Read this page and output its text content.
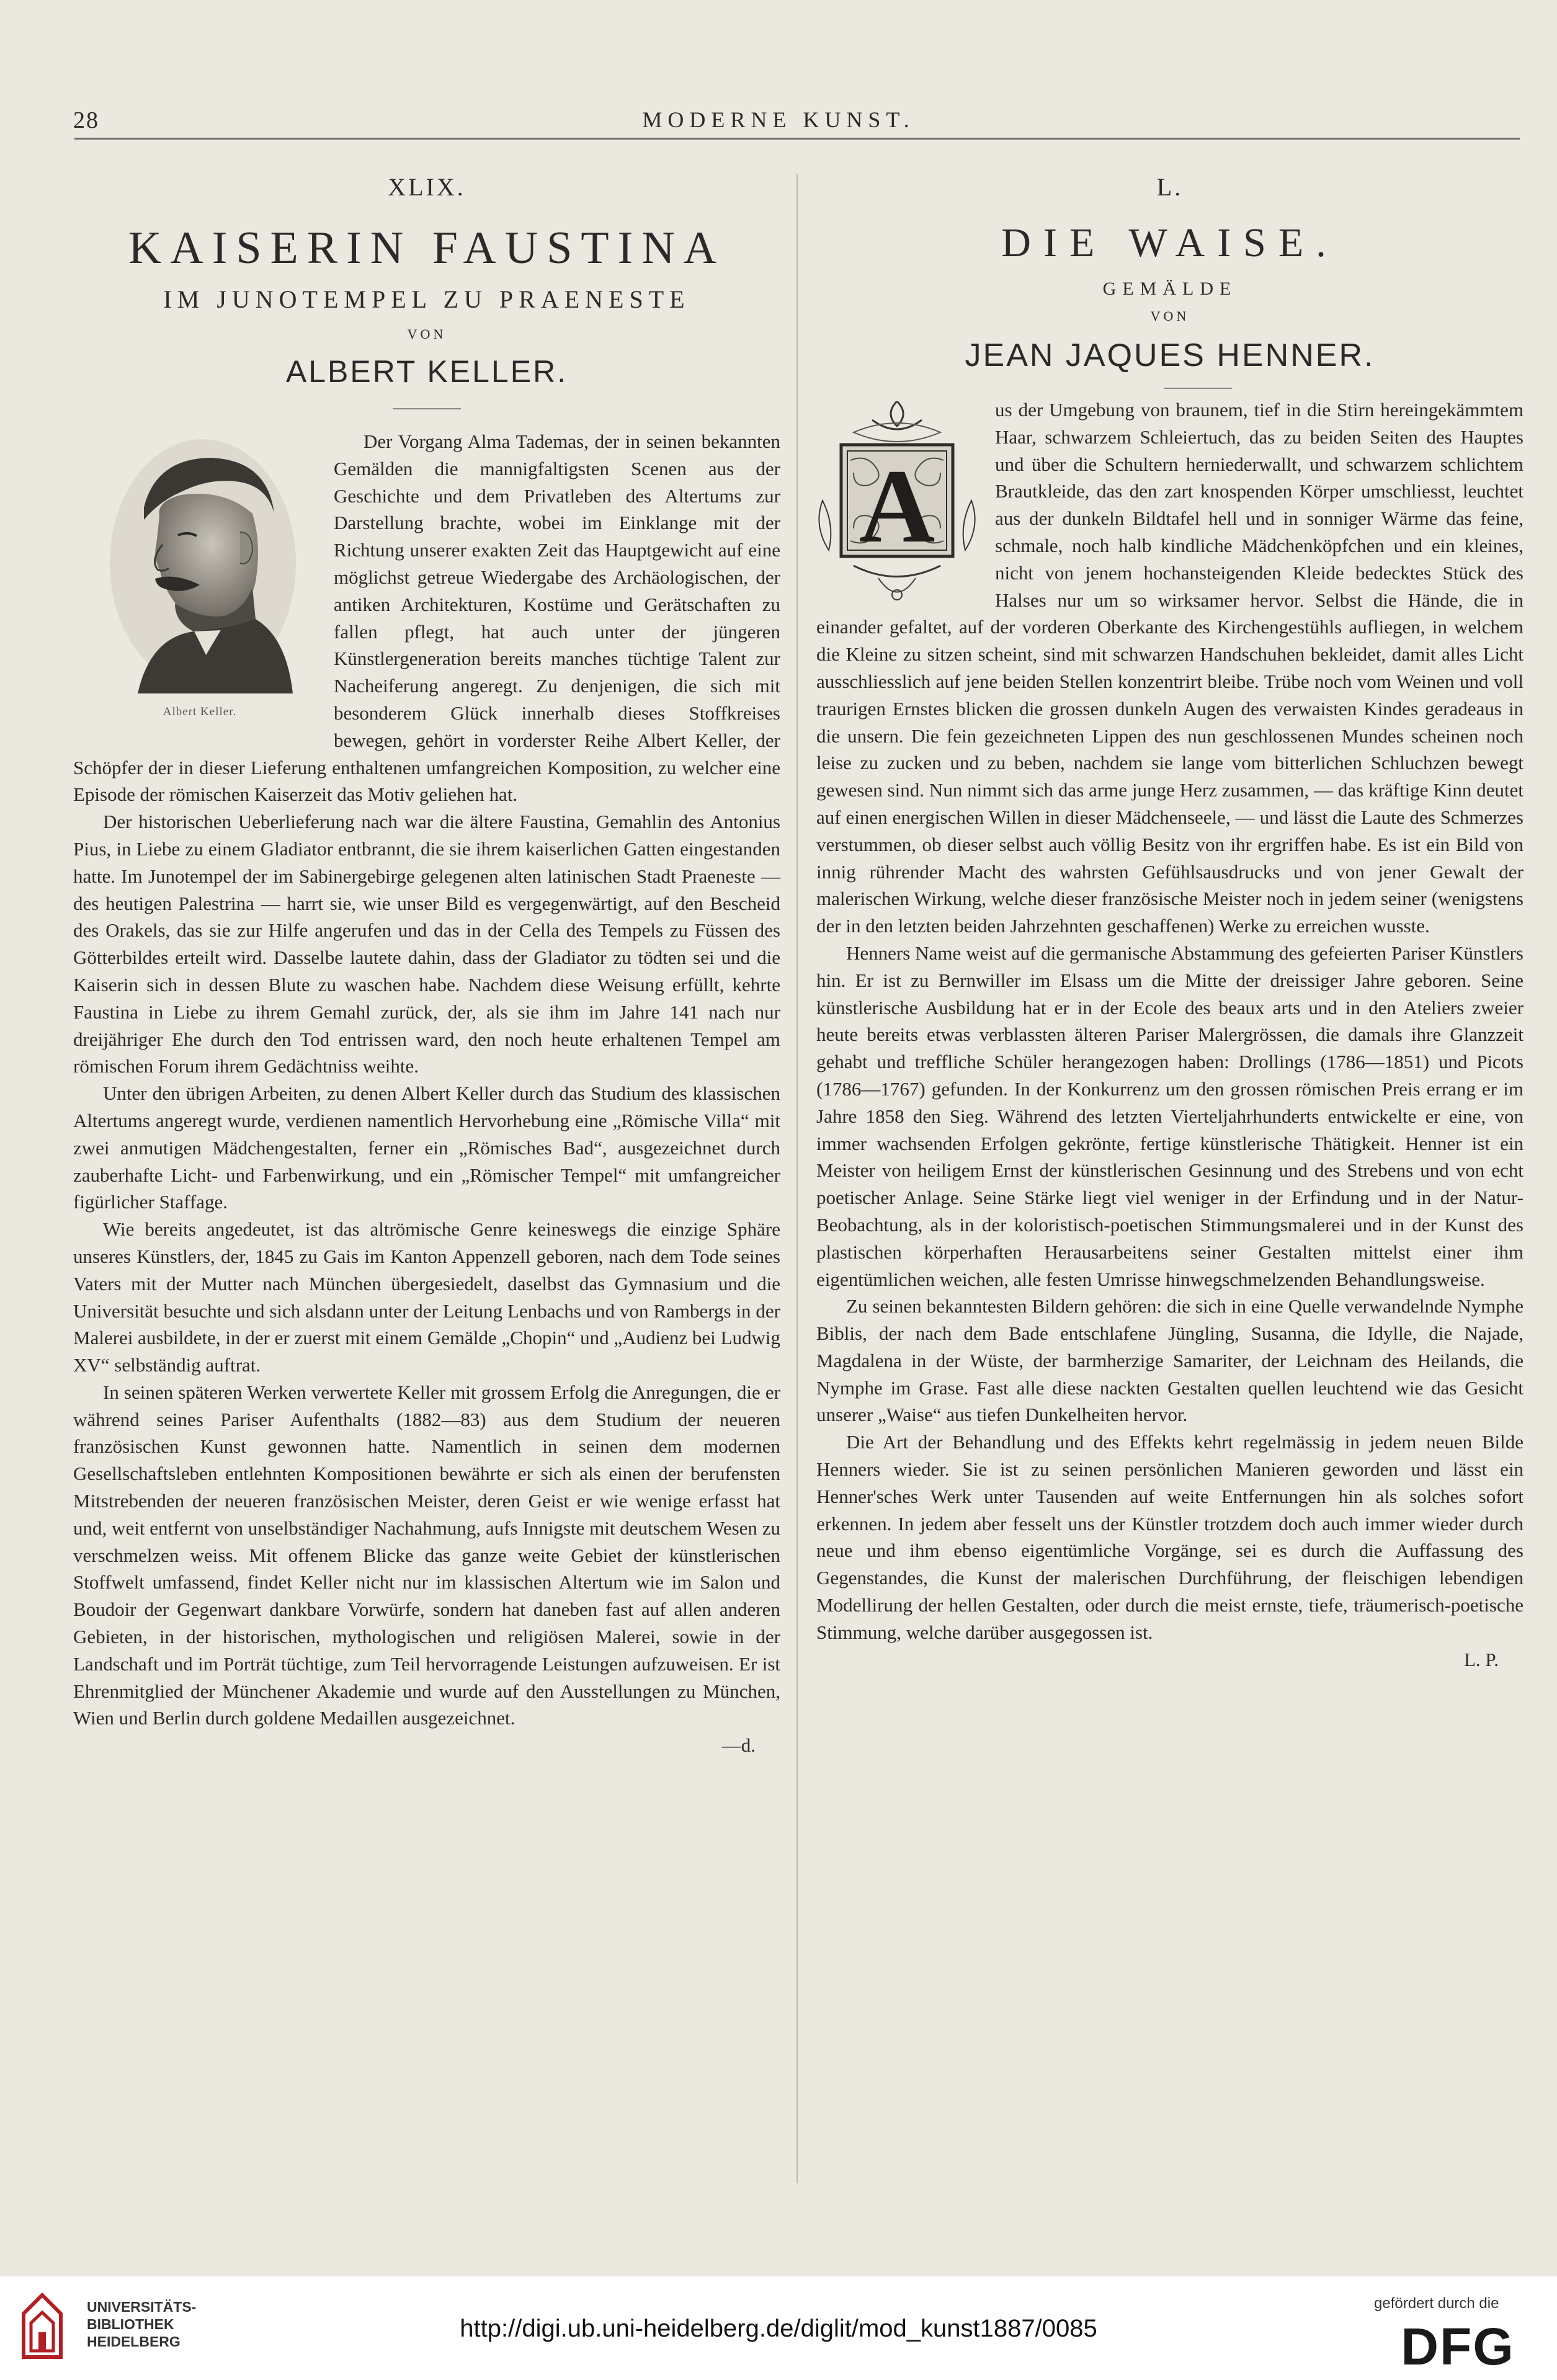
28	MODERNE KUNST.
XLIX.
KAISERIN FAUSTINA
IM JUNOTEMPEL ZU PRAENESTE
VON
ALBERT KELLER.
Albert Keller.

Der Vorgang Alma Tademas, der in seinen bekannten Gemälden die mannigfaltigsten Scenen aus der Geschichte und dem Privatleben des Altertums zur Darstellung brachte, wobei im Einklange mit der Richtung unserer exakten Zeit das Hauptgewicht auf eine möglichst getreue Wiedergabe des Archäologischen, der antiken Architekturen, Kostüme und Gerätschaften zu fallen pflegt, hat auch unter der jüngeren Künstlergeneration bereits manches tüchtige Talent zur Nacheiferung angeregt. Zu denjenigen, die sich mit besonderem Glück innerhalb dieses Stoffkreises bewegen, gehört in vorderster Reihe Albert Keller, der Schöpfer der in dieser Lieferung enthaltenen umfangreichen Komposition, zu welcher eine Episode der römischen Kaiserzeit das Motiv geliehen hat.

Der historischen Ueberlieferung nach war die ältere Faustina, Gemahlin des Antonius Pius, in Liebe zu einem Gladiator entbrannt, die sie ihrem kaiserlichen Gatten eingestanden hatte. Im Junotempel der im Sabinergebirge gelegenen alten latinischen Stadt Praeneste — des heutigen Palestrina — harrt sie, wie unser Bild es vergegenwärtigt, auf den Bescheid des Orakels, das sie zur Hilfe angerufen und das in der Cella des Tempels zu Füssen des Götterbildes erteilt wird. Dasselbe lautete dahin, dass der Gladiator zu tödten sei und die Kaiserin sich in dessen Blute zu waschen habe. Nachdem diese Weisung erfüllt, kehrte Faustina in Liebe zu ihrem Gemahl zurück, der, als sie ihm im Jahre 141 nach nur dreijähriger Ehe durch den Tod entrissen ward, den noch heute erhaltenen Tempel am römischen Forum ihrem Gedächtniss weihte.

Unter den übrigen Arbeiten, zu denen Albert Keller durch das Studium des klassischen Altertums angeregt wurde, verdienen namentlich Hervorhebung eine „Römische Villa“ mit zwei anmutigen Mädchengestalten, ferner ein „Römisches Bad“, ausgezeichnet durch zauberhafte Licht- und Farbenwirkung, und ein „Römischer Tempel“ mit umfangreicher figürlicher Staffage.

Wie bereits angedeutet, ist das altrömische Genre keineswegs die einzige Sphäre unseres Künstlers, der, 1845 zu Gais im Kanton Appenzell geboren, nach dem Tode seines Vaters mit der Mutter nach München übergesiedelt, daselbst das Gymnasium und die Universität besuchte und sich alsdann unter der Leitung Lenbachs und von Rambergs in der Malerei ausbildete, in der er zuerst mit einem Gemälde „Chopin“ und „Audienz bei Ludwig XV“ selbständig auftrat.

In seinen späteren Werken verwertete Keller mit grossem Erfolg die Anregungen, die er während seines Pariser Aufenthalts (1882—83) aus dem Studium der neueren französischen Kunst gewonnen hatte. Namentlich in seinen dem modernen Gesellschaftsleben entlehnten Kompositionen bewährte er sich als einen der berufensten Mitstrebenden der neueren französischen Meister, deren Geist er wie wenige erfasst hat und, weit entfernt von unselbständiger Nachahmung, aufs Innigste mit deutschem Wesen zu verschmelzen weiss. Mit offenem Blicke das ganze weite Gebiet der künstlerischen Stoffwelt umfassend, findet Keller nicht nur im klassischen Altertum wie im Salon und Boudoir der Gegenwart dankbare Vorwürfe, sondern hat daneben fast auf allen anderen Gebieten, in der historischen, mythologischen und religiösen Malerei, sowie in der Landschaft und im Porträt tüchtige, zum Teil hervorragende Leistungen aufzuweisen. Er ist Ehrenmitglied der Münchener Akademie und wurde auf den Ausstellungen zu München, Wien und Berlin durch goldene Medaillen ausgezeichnet.

—d.

L.
DIE WAISE.
GEMÄLDE
VON
JEAN JAQUES HENNER.
A

us der Umgebung von braunem, tief in die Stirn hereingekämmtem Haar, schwarzem Schleiertuch, das zu beiden Seiten des Hauptes und über die Schultern herniederwallt, und schwarzem schlichtem Brautkleide, das den zart knospenden Körper umschliesst, leuchtet aus der dunkeln Bildtafel hell und in sonniger Wärme das feine, schmale, noch halb kindliche Mädchenköpfchen und ein kleines, nicht von jenem hochansteigenden Kleide bedecktes Stück des Halses nur um so wirksamer hervor. Selbst die Hände, die in einander gefaltet, auf der vorderen Oberkante des Kirchengestühls aufliegen, in welchem die Kleine zu sitzen scheint, sind mit schwarzen Handschuhen bekleidet, damit alles Licht ausschliesslich auf jene beiden Stellen konzentrirt bleibe. Trübe noch vom Weinen und voll traurigen Ernstes blicken die grossen dunkeln Augen des verwaisten Kindes geradeaus in die unsern. Die fein gezeichneten Lippen des nun geschlossenen Mundes scheinen noch leise zu zucken und zu beben, nachdem sie lange vom bitterlichen Schluchzen bewegt gewesen sind. Nun nimmt sich das arme junge Herz zusammen, — das kräftige Kinn deutet auf einen energischen Willen in dieser Mädchenseele, — und lässt die Laute des Schmerzes verstummen, ob dieser selbst auch völlig Besitz von ihr ergriffen habe. Es ist ein Bild von innig rührender Macht des wahrsten Gefühlsausdrucks und von jener Gewalt der malerischen Wirkung, welche dieser französische Meister noch in jedem seiner (wenigstens der in den letzten beiden Jahrzehnten geschaffenen) Werke zu erreichen wusste.

Henners Name weist auf die germanische Abstammung des gefeierten Pariser Künstlers hin. Er ist zu Bernwiller im Elsass um die Mitte der dreissiger Jahre geboren. Seine künstlerische Ausbildung hat er in der Ecole des beaux arts und in den Ateliers zweier heute bereits etwas verblassten älteren Pariser Malergrössen, die damals ihre Glanzzeit gehabt und treffliche Schüler herangezogen haben: Drollings (1786—1851) und Picots (1786—1767) gefunden. In der Konkurrenz um den grossen römischen Preis errang er im Jahre 1858 den Sieg. Während des letzten Vierteljahrhunderts entwickelte er eine, von immer wachsenden Erfolgen gekrönte, fertige künstlerische Thätigkeit. Henner ist ein Meister von heiligem Ernst der künstlerischen Gesinnung und des Strebens und von echt poetischer Anlage. Seine Stärke liegt viel weniger in der Erfindung und in der Natur-Beobachtung, als in der koloristisch-poetischen Stimmungsmalerei und in der Kunst des plastischen körperhaften Herausarbeitens seiner Gestalten mittelst einer ihm eigentümlichen weichen, alle festen Umrisse hinwegschmelzenden Behandlungsweise.

Zu seinen bekanntesten Bildern gehören: die sich in eine Quelle verwandelnde Nymphe Biblis, der nach dem Bade entschlafene Jüngling, Susanna, die Idylle, die Najade, Magdalena in der Wüste, der barmherzige Samariter, der Leichnam des Heilands, die Nymphe im Grase. Fast alle diese nackten Gestalten quellen leuchtend wie das Gesicht unserer „Waise“ aus tiefen Dunkelheiten hervor.

Die Art der Behandlung und des Effekts kehrt regelmässig in jedem neuen Bilde Henners wieder. Sie ist zu seinen persönlichen Manieren geworden und lässt ein Henner'sches Werk unter Tausenden auf weite Entfernungen hin als solches sofort erkennen. In jedem aber fesselt uns der Künstler trotzdem doch auch immer wieder durch neue und ihm ebenso eigentümliche Vorgänge, sei es durch die Auffassung des Gegenstandes, die Kunst der malerischen Durchführung, der fleischigen lebendigen Modellirung der hellen Gestalten, oder durch die meist ernste, tiefe, träumerisch-poetische Stimmung, welche darüber ausgegossen ist.

L. P.

UNIVERSITÄTS-
BIBLIOTHEK
HEIDELBERG	http://digi.ub.uni-heidelberg.de/diglit/mod_kunst1887/0085
gefördert durch die
DFG
